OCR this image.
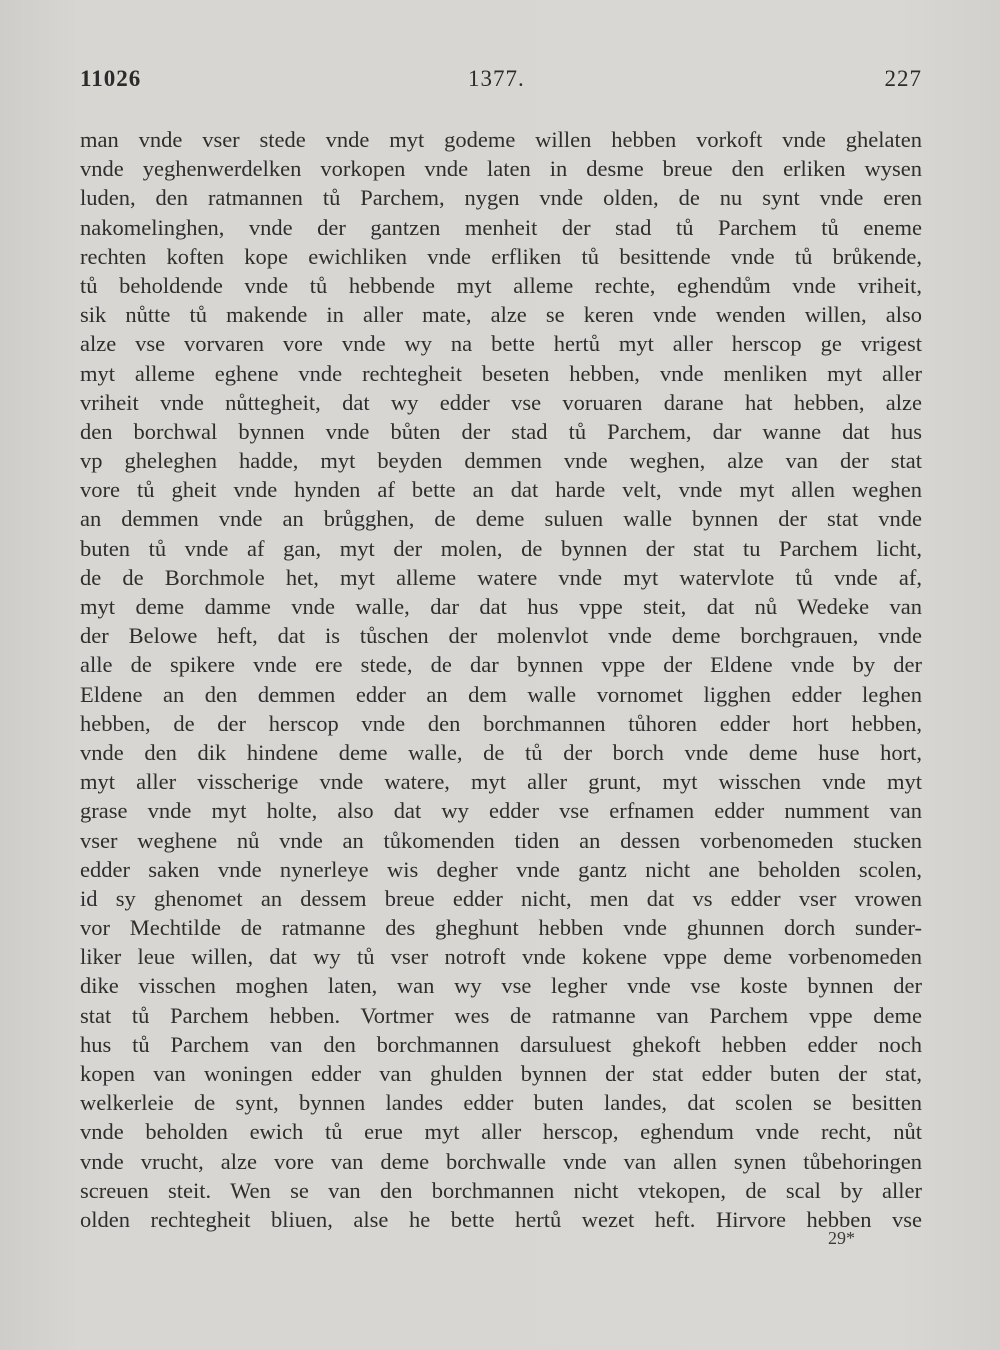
11026	1377.	227
man vnde vser stede vnde myt godeme willen hebben vorkoft vnde ghelaten
vnde yeghenwerdelken vorkopen vnde laten in desme breue den erliken wysen
luden, den ratmannen tů Parchem, nygen vnde olden, de nu synt vnde eren
nakomelinghen, vnde der gantzen menheit der stad tů Parchem tů eneme
rechten koften kope ewichliken vnde erfliken tů besittende vnde tů brůkende,
tů beholdende vnde tů hebbende myt alleme rechte, eghendům vnde vriheit,
sik nůtte tů makende in aller mate, alze se keren vnde wenden willen, also
alze vse vorvaren vore vnde wy na bette hertů myt aller herscop ge vrigest
myt alleme eghene vnde rechtegheit beseten hebben, vnde menliken myt aller
vriheit vnde nůttegheit, dat wy edder vse voruaren darane hat hebben, alze
den borchwal bynnen vnde bůten der stad tů Parchem, dar wanne dat hus
vp gheleghen hadde, myt beyden demmen vnde weghen, alze van der stat
vore tů gheit vnde hynden af bette an dat harde velt, vnde myt allen weghen
an demmen vnde an brůgghen, de deme suluen walle bynnen der stat vnde
buten tů vnde af gan, myt der molen, de bynnen der stat tu Parchem licht,
de de Borchmole het, myt alleme watere vnde myt watervlote tů vnde af,
myt deme damme vnde walle, dar dat hus vppe steit, dat nů Wedeke van
der Belowe heft, dat is tůschen der molenvlot vnde deme borchgrauen, vnde
alle de spikere vnde ere stede, de dar bynnen vppe der Eldene vnde by der
Eldene an den demmen edder an dem walle vornomet ligghen edder leghen
hebben, de der herscop vnde den borchmannen tůhoren edder hort hebben,
vnde den dik hindene deme walle, de tů der borch vnde deme huse hort,
myt aller visscherige vnde watere, myt aller grunt, myt wisschen vnde myt
grase vnde myt holte, also dat wy edder vse erfnamen edder numment van
vser weghene nů vnde an tůkomenden tiden an dessen vorbenomeden stucken
edder saken vnde nynerleye wis degher vnde gantz nicht ane beholden scolen,
id sy ghenomet an dessem breue edder nicht, men dat vs edder vser vrowen
vor Mechtilde de ratmanne des gheghunt hebben vnde ghunnen dorch sunder-
liker leue willen, dat wy tů vser notroft vnde kokene vppe deme vorbenomeden
dike visschen moghen laten, wan wy vse legher vnde vse koste bynnen der
stat tů Parchem hebben. Vortmer wes de ratmanne van Parchem vppe deme
hus tů Parchem van den borchmannen darsuluest ghekoft hebben edder noch
kopen van woningen edder van ghulden bynnen der stat edder buten der stat,
welkerleie de synt, bynnen landes edder buten landes, dat scolen se besitten
vnde beholden ewich tů erue myt aller herscop, eghendum vnde recht, nůt
vnde vrucht, alze vore van deme borchwalle vnde van allen synen tůbehoringen
screuen steit. Wen se van den borchmannen nicht vtekopen, de scal by aller
olden rechtegheit bliuen, alse he bette hertů wezet heft. Hirvore hebben vse
29*
